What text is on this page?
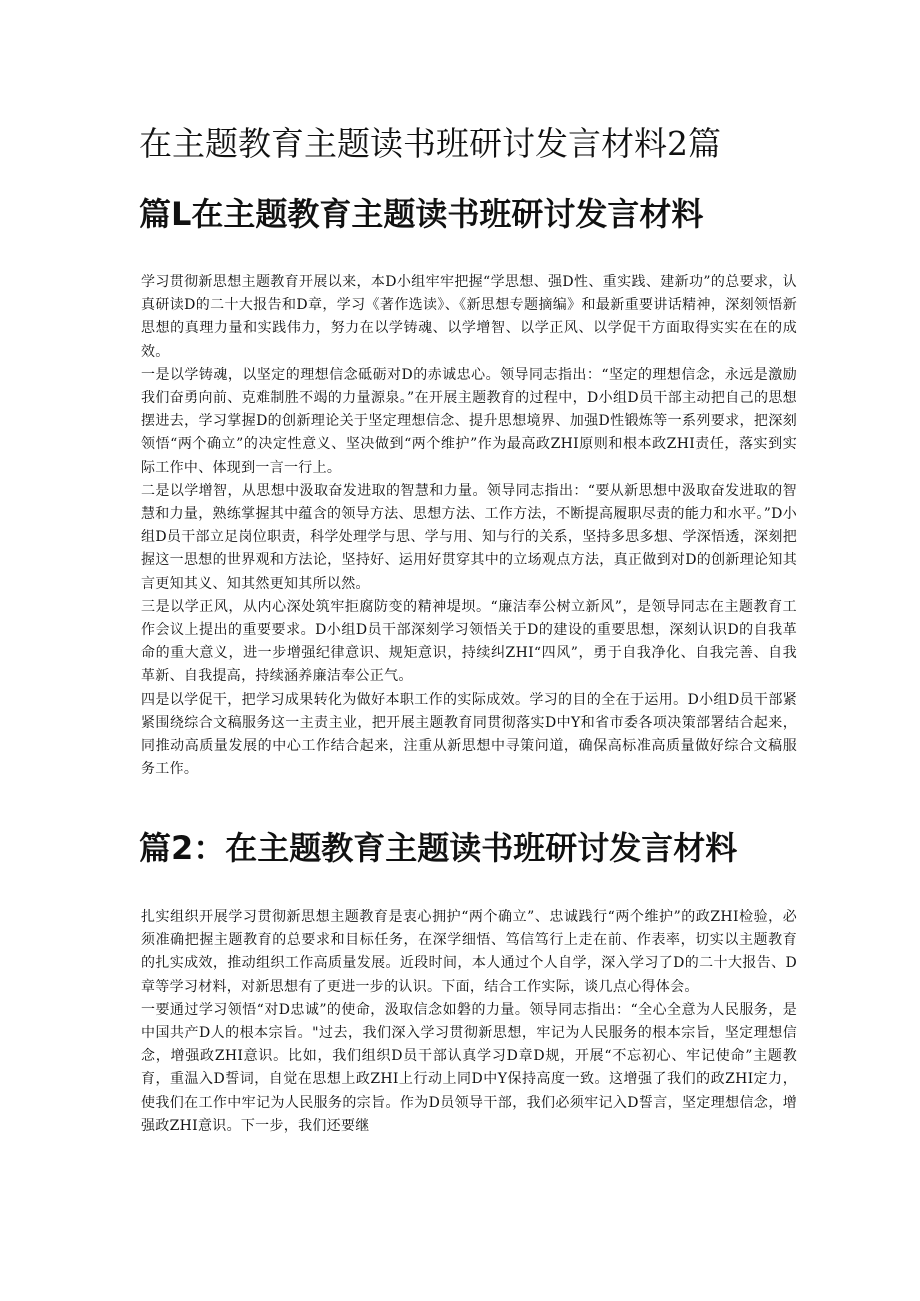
在主题教育主题读书班研讨发言材料2篇
篇L在主题教育主题读书班研讨发言材料

学习贯彻新思想主题教育开展以来，本D小组牢牢把握“学思想、强D性、重实践、建新功”的总要求，认真研读D的二十大报告和D章，学习《著作选读》、《新思想专题摘编》和最新重要讲话精神，深刻领悟新思想的真理力量和实践伟力，努力在以学铸魂、以学增智、以学正风、以学促干方面取得实实在在的成效。

一是以学铸魂，以坚定的理想信念砥砺对D的赤诚忠心。领导同志指出：“坚定的理想信念，永远是激励我们奋勇向前、克难制胜不竭的力量源泉。”在开展主题教育的过程中，D小组D员干部主动把自己的思想摆进去，学习掌握D的创新理论关于坚定理想信念、提升思想境界、加强D性锻炼等一系列要求，把深刻领悟“两个确立”的决定性意义、坚决做到“两个维护”作为最高政ZHI原则和根本政ZHI责任，落实到实际工作中、体现到一言一行上。

二是以学增智，从思想中汲取奋发进取的智慧和力量。领导同志指出：“要从新思想中汲取奋发进取的智慧和力量，熟练掌握其中蕴含的领导方法、思想方法、工作方法，不断提高履职尽责的能力和水平。”D小组D员干部立足岗位职责，科学处理学与思、学与用、知与行的关系，坚持多思多想、学深悟透，深刻把握这一思想的世界观和方法论，坚持好、运用好贯穿其中的立场观点方法，真正做到对D的创新理论知其言更知其义、知其然更知其所以然。

三是以学正风，从内心深处筑牢拒腐防变的精神堤坝。“廉洁奉公树立新风”，是领导同志在主题教育工作会议上提出的重要要求。D小组D员干部深刻学习领悟关于D的建设的重要思想，深刻认识D的自我革命的重大意义，进一步增强纪律意识、规矩意识，持续纠ZHI“四风”，勇于自我净化、自我完善、自我革新、自我提高，持续涵养廉洁奉公正气。

四是以学促干，把学习成果转化为做好本职工作的实际成效。学习的目的全在于运用。D小组D员干部紧紧围绕综合文稿服务这一主责主业，把开展主题教育同贯彻落实D中Y和省市委各项决策部署结合起来，同推动高质量发展的中心工作结合起来，注重从新思想中寻策问道，确保高标准高质量做好综合文稿服务工作。

篇2：在主题教育主题读书班研讨发言材料

扎实组织开展学习贯彻新思想主题教育是衷心拥护“两个确立”、忠诚践行“两个维护”的政ZHI检验，必须准确把握主题教育的总要求和目标任务，在深学细悟、笃信笃行上走在前、作表率，切实以主题教育的扎实成效，推动组织工作高质量发展。近段时间，本人通过个人自学，深入学习了D的二十大报告、D章等学习材料，对新思想有了更进一步的认识。下面，结合工作实际，谈几点心得体会。

一要通过学习领悟“对D忠诚”的使命，汲取信念如磐的力量。领导同志指出：“全心全意为人民服务，是中国共产D人的根本宗旨。"过去，我们深入学习贯彻新思想，牢记为人民服务的根本宗旨，坚定理想信念，增强政ZHI意识。比如，我们组织D员干部认真学习D章D规，开展“不忘初心、牢记使命”主题教育，重温入D誓词，自觉在思想上政ZHI上行动上同D中Y保持高度一致。这增强了我们的政ZHI定力，使我们在工作中牢记为人民服务的宗旨。作为D员领导干部，我们必须牢记入D誓言，坚定理想信念，增强政ZHI意识。下一步，我们还要继
